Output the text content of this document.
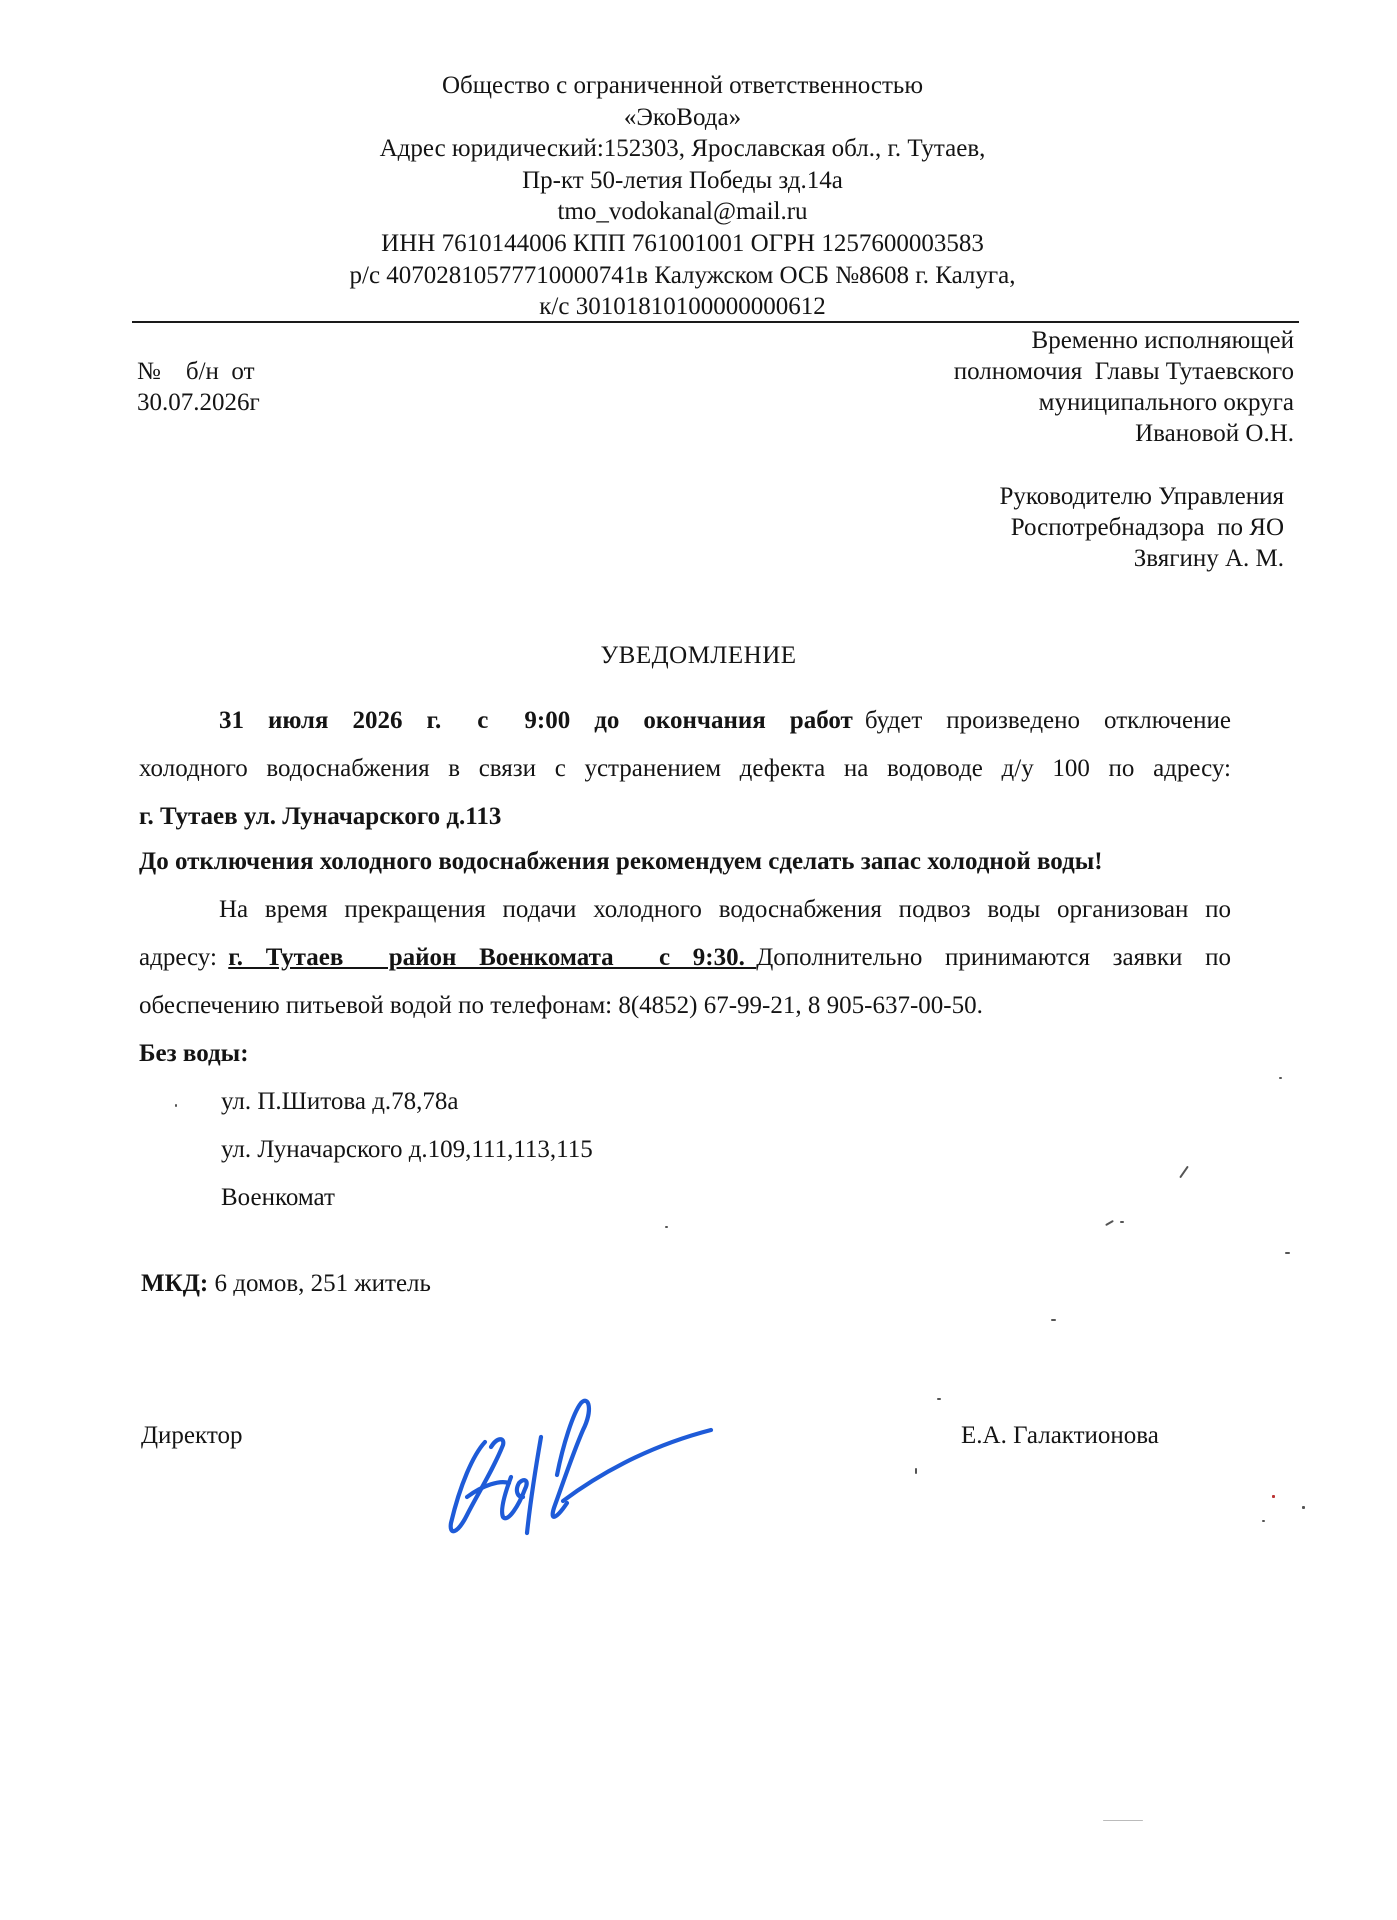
Общество с ограниченной ответственностью
«ЭкоВода»
Адрес юридический:152303, Ярославская обл., г. Тутаев,
Пр-кт 50-летия Победы зд.14а
tmo_vodokanal@mail.ru
ИНН 7610144006 КПП 761001001 ОГРН 1257600003583
р/с 40702810577710000741в Калужском ОСБ №8608 г. Калуга,
к/с 30101810100000000612
№    б/н  от
30.07.2026г
Временно исполняющей
полномочия  Главы Тутаевского
муниципального округа
Ивановой О.Н.
Руководителю Управления
Роспотребнадзора  по ЯО
Звягину А. М.
УВЕДОМЛЕНИЕ
31  июля  2026  г.   с   9:00  до  окончания  работ будет  произведено  отключение
холодного  водоснабжения  в  связи  с  устранением  дефекта  на  водоводе  д/у  100  по  адресу:
г. Тутаев ул. Луначарского д.113
До отключения холодного водоснабжения рекомендуем сделать запас холодной воды!
На время прекращения подачи холодного водоснабжения подвоз воды организован по
адресу: г.  Тутаев    район  Военкомата    с  9:30. Дополнительно  принимаются  заявки  по
обеспечению питьевой водой по телефонам: 8(4852) 67-99-21, 8 905-637-00-50.
Без воды:
ул. П.Шитова д.78,78а
ул. Луначарского д.109,111,113,115
Военкомат
МКД: 6 домов, 251 житель
Директор	Е.А. Галактионова
